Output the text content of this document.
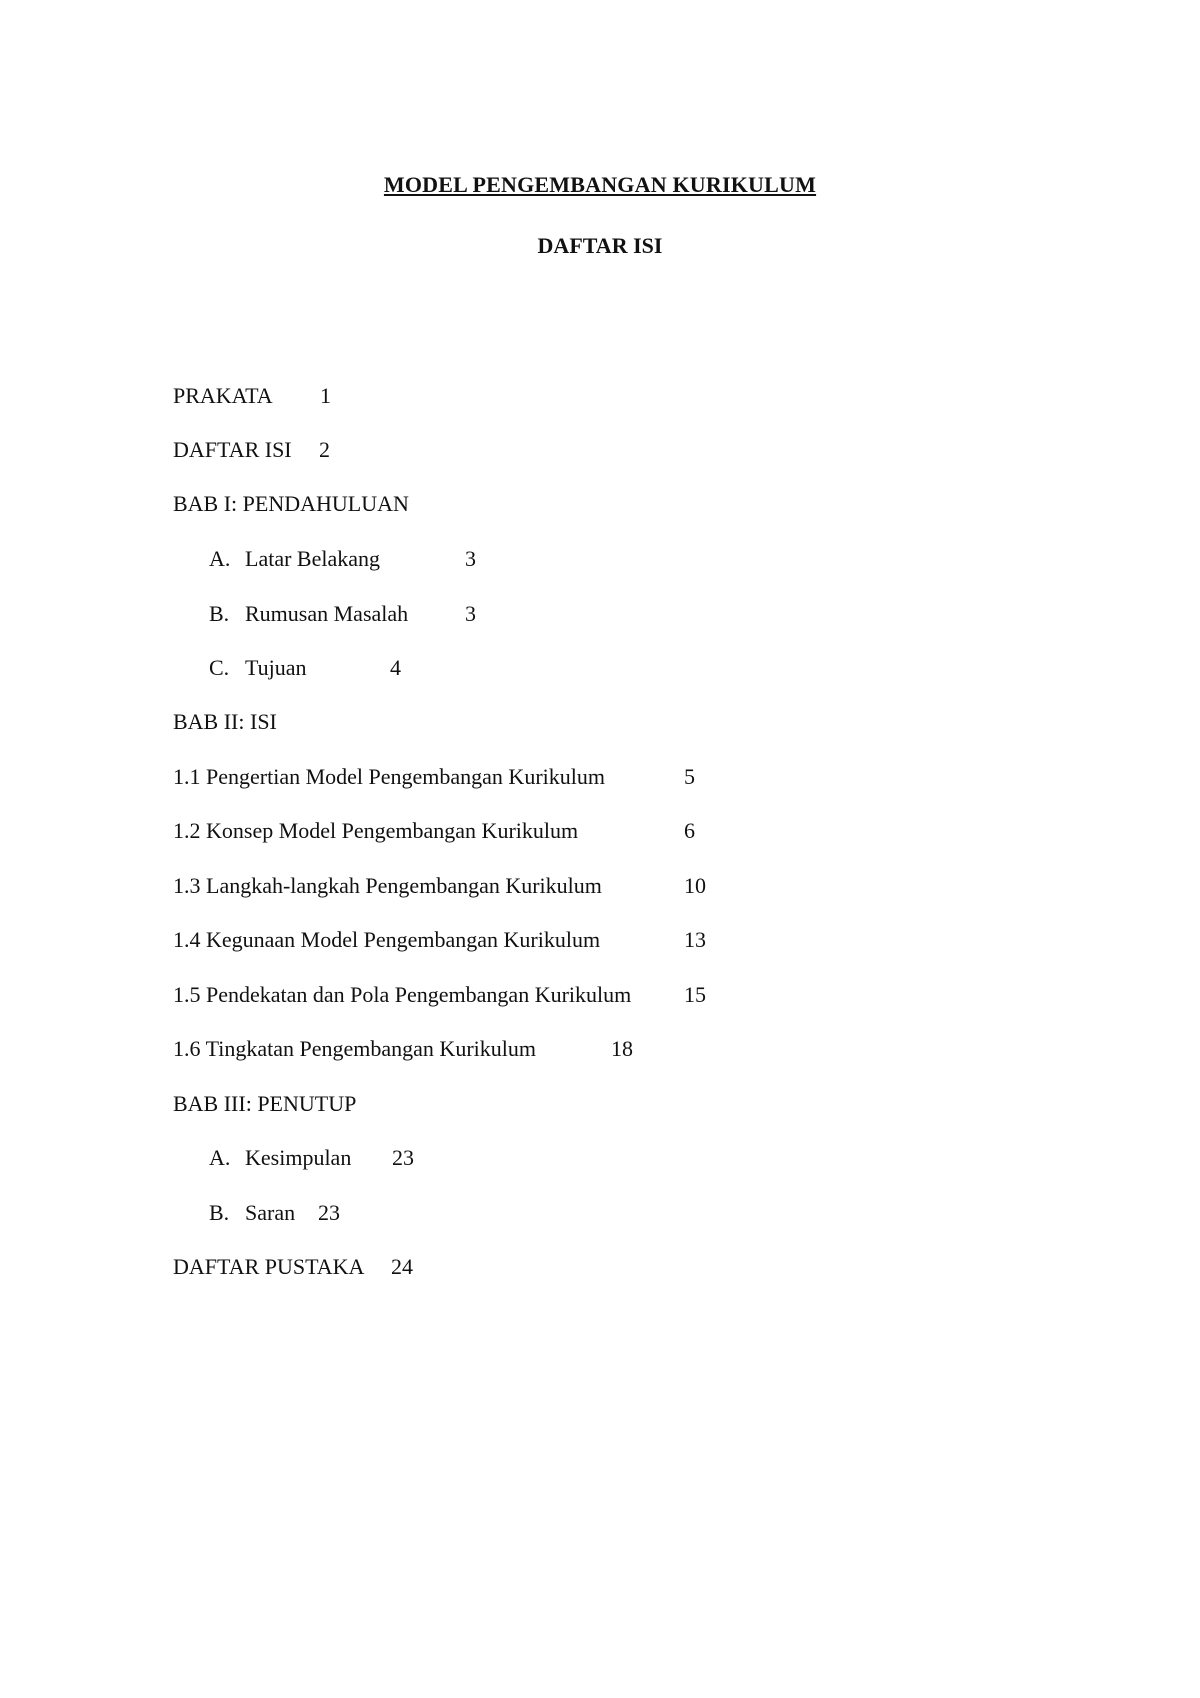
MODEL PENGEMBANGAN KURIKULUM
DAFTAR ISI
PRAKATA 1
DAFTAR ISI 2
BAB I: PENDAHULUAN
A. Latar Belakang	3
B. Rumusan Masalah	3
C. Tujuan	4
BAB II: ISI
1.1 Pengertian Model Pengembangan Kurikulum	5
1.2 Konsep Model Pengembangan Kurikulum	6
1.3 Langkah-langkah Pengembangan Kurikulum	10
1.4 Kegunaan Model Pengembangan Kurikulum	13
1.5 Pendekatan dan Pola Pengembangan Kurikulum 15
1.6 Tingkatan Pengembangan Kurikulum	18
BAB III: PENUTUP
A. Kesimpulan 23
B. Saran 23
DAFTAR PUSTAKA 24
